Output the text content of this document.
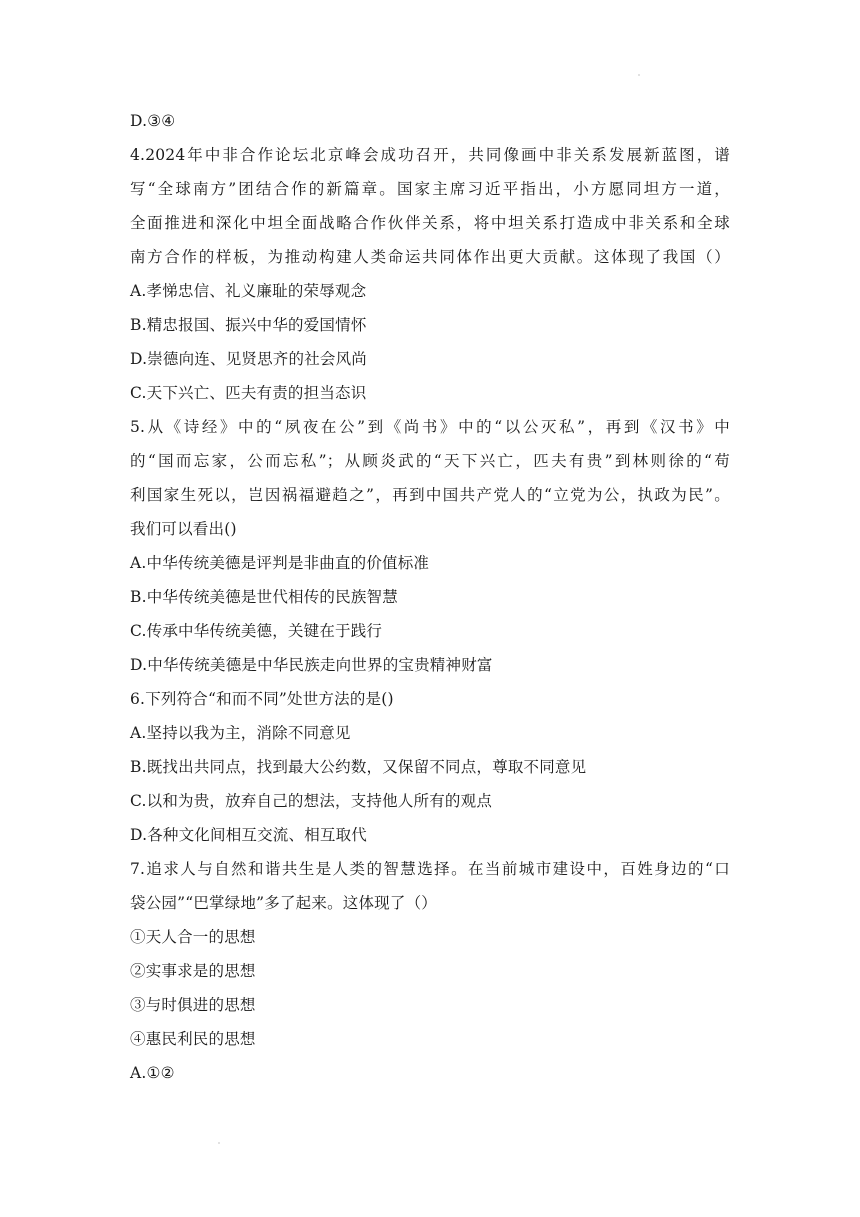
D.③④
4.2024年中非合作论坛北京峰会成功召开，共同像画中非关系发展新蓝图，谱
写“全球南方”团结合作的新篇章。国家主席习近平指出，小方愿同坦方一道，
全面推进和深化中坦全面战略合作伙伴关系，将中坦关系打造成中非关系和全球
南方合作的样板，为推动构建人类命运共同体作出更大贡献。这体现了我国（）
A.孝悌忠信、礼义廉耻的荣辱观念
B.精忠报国、振兴中华的爱国情怀
D.崇德向连、见贤思齐的社会风尚
C.天下兴亡、匹夫有责的担当态识
5.从《诗经》中的“夙夜在公”到《尚书》中的“以公灭私”，再到《汉书》中
的“国而忘家，公而忘私”；从顾炎武的“天下兴亡，匹夫有贵”到林则徐的“苟
利国家生死以，岂因祸福避趋之”，再到中国共产党人的“立党为公，执政为民”。
我们可以看出()
A.中华传统美德是评判是非曲直的价值标准
B.中华传统美德是世代相传的民族智慧
C.传承中华传统美德，关键在于践行
D.中华传统美德是中华民族走向世界的宝贵精神财富
6.下列符合“和而不同”处世方法的是()
A.坚持以我为主，消除不同意见
B.既找出共同点，找到最大公约数，又保留不同点，尊取不同意见
C.以和为贵，放弃自己的想法，支持他人所有的观点
D.各种文化间相互交流、相互取代
7.追求人与自然和谐共生是人类的智慧选择。在当前城市建设中，百姓身边的“口
袋公园”“巴掌绿地”多了起来。这体现了（）
①天人合一的思想
②实事求是的思想
③与时俱进的思想
④惠民利民的思想
A.①②
